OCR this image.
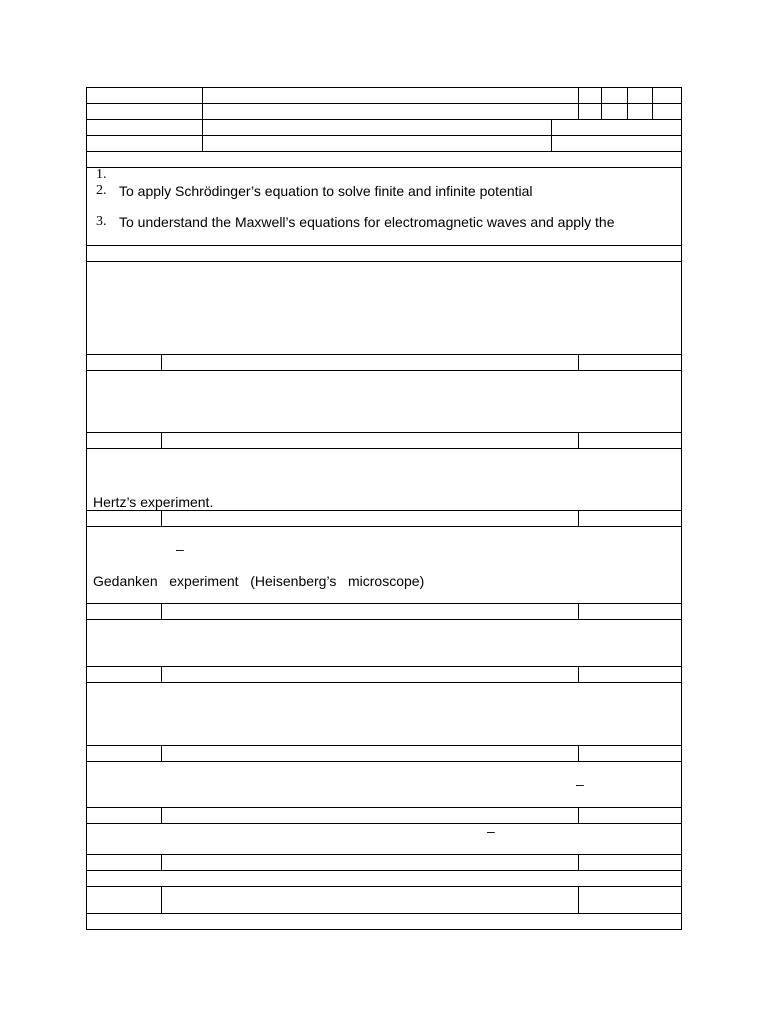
1.
2. To apply Schrödinger’s equation to solve finite and infinite potential
3. To understand the Maxwell’s equations for electromagnetic waves and apply the
Hertz’s experiment.
–
Gedanken   experiment   (Heisenberg’s   microscope)
–
–
